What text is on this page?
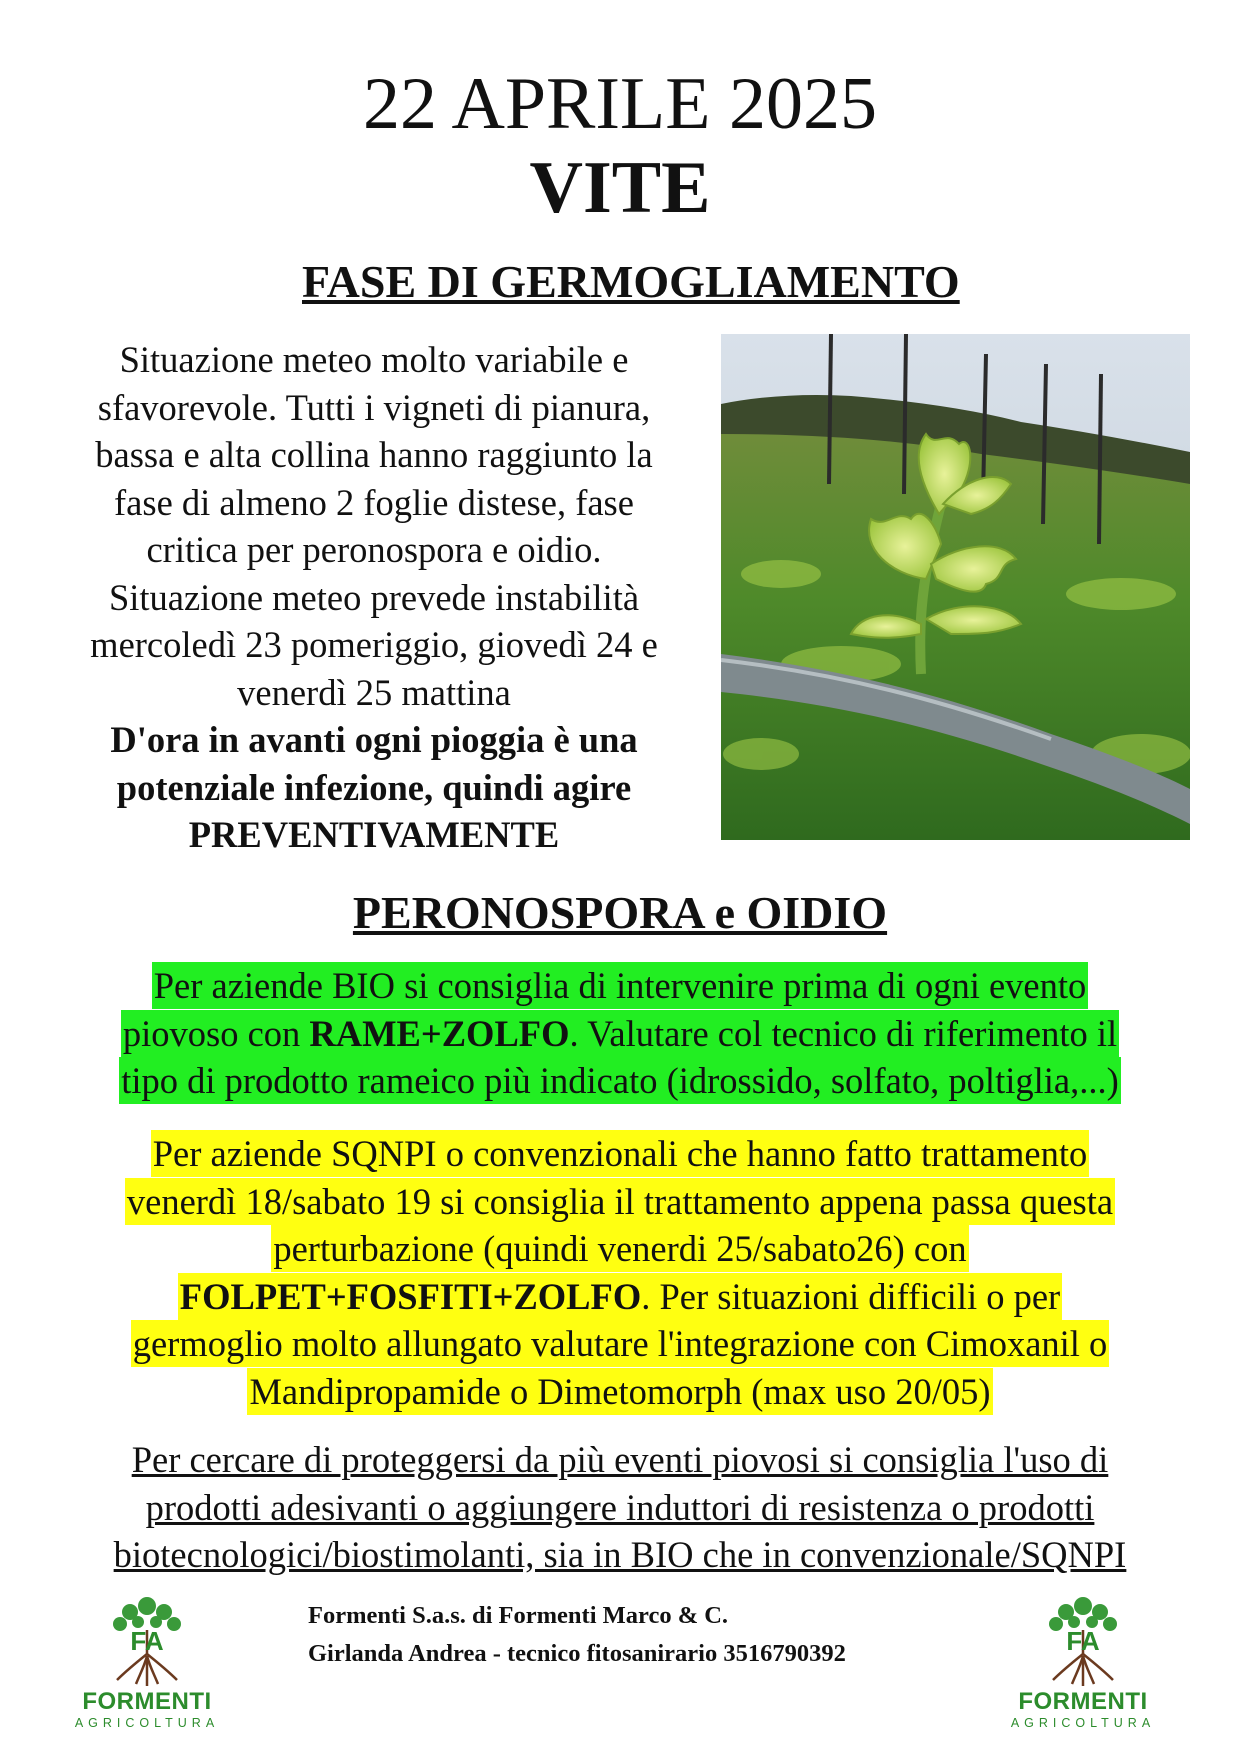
22 APRILE 2025
VITE
FASE DI GERMOGLIAMENTO
Situazione meteo molto variabile e
sfavorevole. Tutti i vigneti di pianura,
bassa e alta collina hanno raggiunto la
fase di almeno 2 foglie distese, fase
critica per peronospora e oidio.
Situazione meteo prevede instabilità
mercoledì 23 pomeriggio, giovedì 24 e
venerdì 25 mattina
D'ora in avanti ogni pioggia è una
potenziale infezione, quindi agire
PREVENTIVAMENTE
PERONOSPORA e OIDIO
Per aziende BIO si consiglia di intervenire prima di ogni evento
piovoso con RAME+ZOLFO. Valutare col tecnico di riferimento il
tipo di prodotto rameico più indicato (idrossido, solfato, poltiglia,...)
Per aziende SQNPI o convenzionali che hanno fatto trattamento
venerdì 18/sabato 19 si consiglia il trattamento appena passa questa
perturbazione (quindi venerdi 25/sabato26) con
FOLPET+FOSFITI+ZOLFO. Per situazioni difficili o per
germoglio molto allungato valutare l'integrazione con Cimoxanil o
Mandipropamide o Dimetomorph (max uso 20/05)
Per cercare di proteggersi da più eventi piovosi si consiglia l'uso di
prodotti adesivanti o aggiungere induttori di resistenza o prodotti
biotecnologici/biostimolanti, sia in BIO che in convenzionale/SQNPI
FA
FORMENTI
AGRICOLTURA
Formenti S.a.s. di Formenti Marco & C.
Girlanda Andrea - tecnico fitosanirario 3516790392	FA
FORMENTI
AGRICOLTURA
